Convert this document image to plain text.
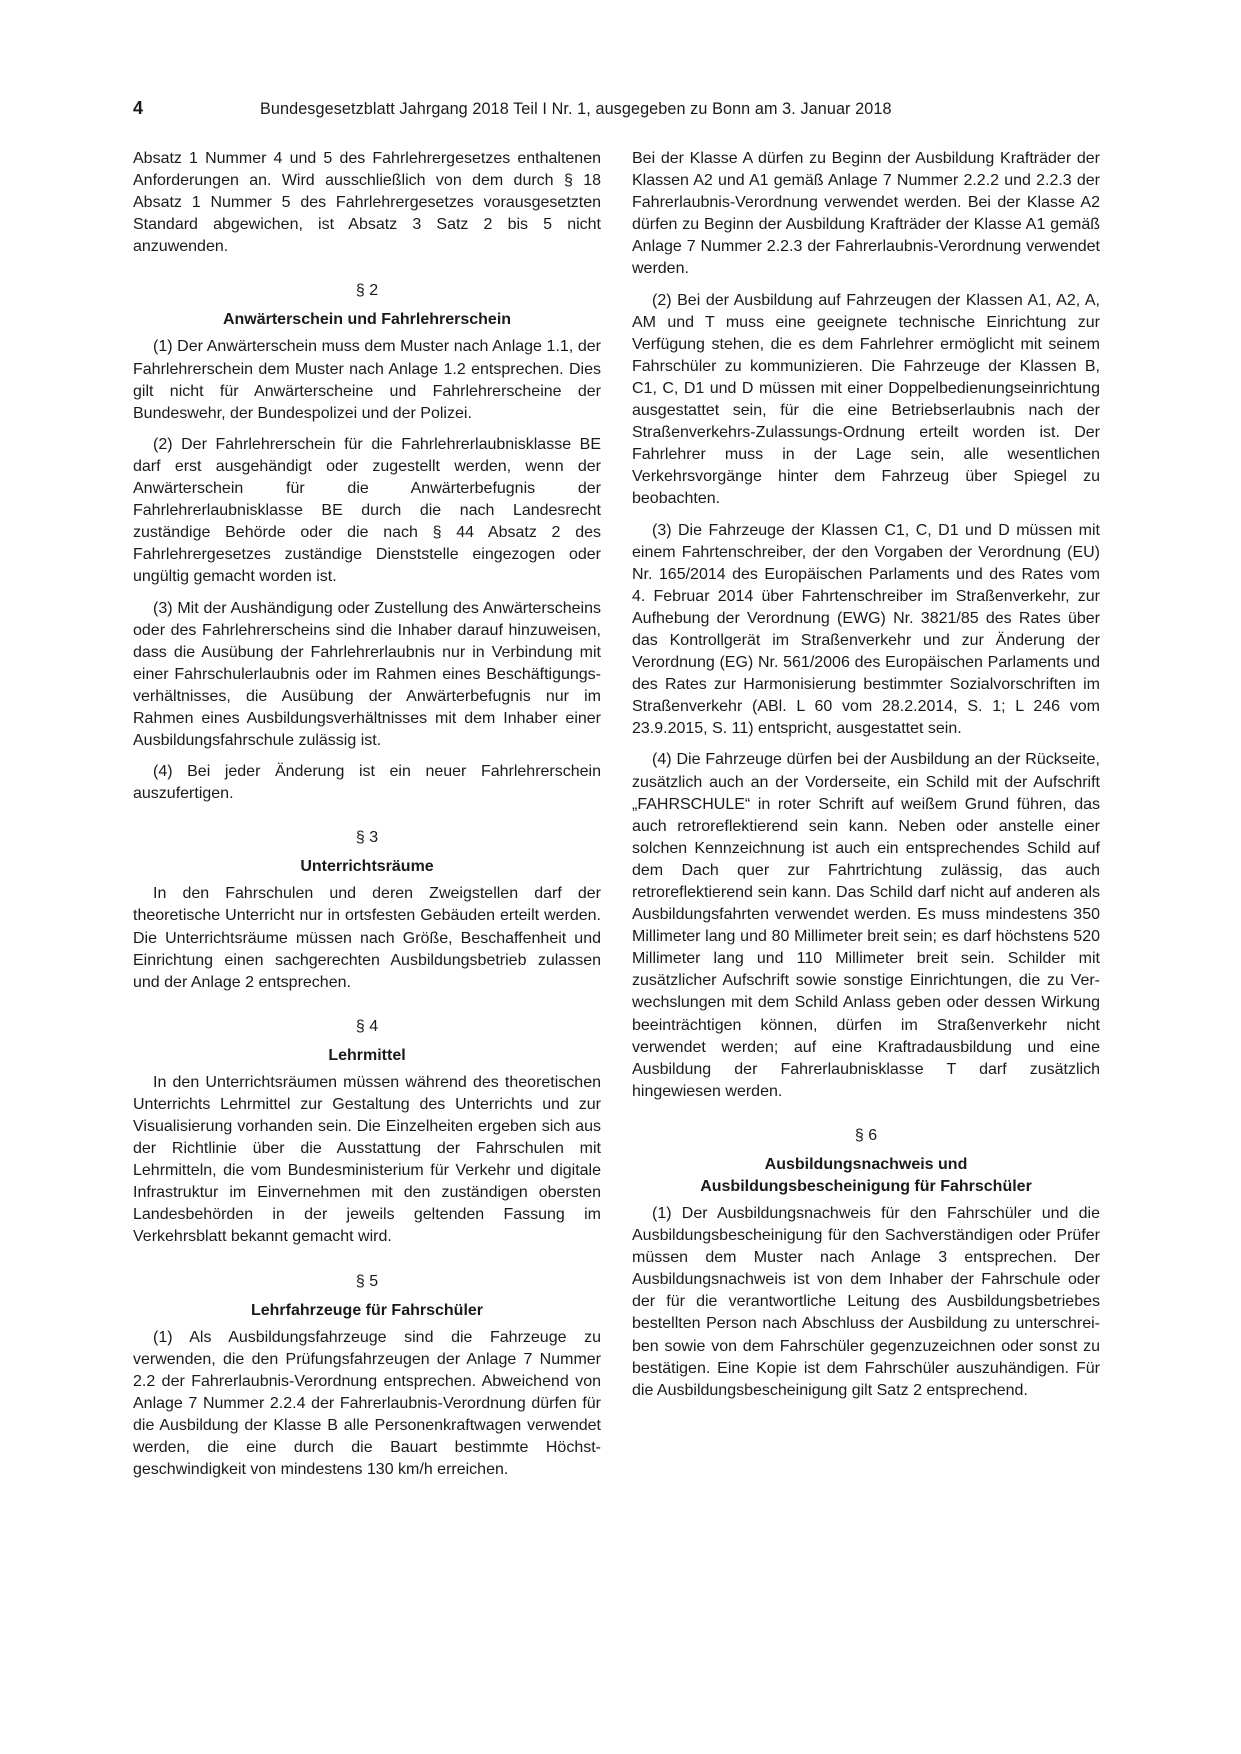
4	Bundesgesetzblatt Jahrgang 2018 Teil I Nr. 1, ausgegeben zu Bonn am 3. Januar 2018

Absatz 1 Nummer 4 und 5 des Fahrlehrergesetzes enthaltenen Anforderungen an. Wird ausschließlich von dem durch § 18 Absatz 1 Nummer 5 des Fahrlehrergesetzes vorausgesetzten Standard abgewichen, ist Absatz 3 Satz 2 bis 5 nicht anzuwenden.

§ 2
Anwärterschein und Fahrlehrerschein

(1) Der Anwärterschein muss dem Muster nach Anlage 1.1, der Fahrlehrerschein dem Muster nach Anlage 1.2 entsprechen. Dies gilt nicht für Anwärterscheine und Fahrlehrerscheine der Bundeswehr, der Bundespolizei und der Polizei.

(2) Der Fahrlehrerschein für die Fahrlehrerlaubnisklasse BE darf erst ausgehändigt oder zugestellt werden, wenn der Anwärterschein für die Anwärterbefugnis der Fahrlehrerlaubnisklasse BE durch die nach Landesrecht zuständige Behörde oder die nach § 44 Absatz 2 des Fahrlehrergesetzes zuständige Dienststelle eingezogen oder ungültig gemacht worden ist.

(3) Mit der Aushändigung oder Zustellung des Anwärterscheins oder des Fahrlehrerscheins sind die Inhaber darauf hinzuweisen, dass die Ausübung der Fahrlehrerlaubnis nur in Verbindung mit einer Fahrschulerlaubnis oder im Rahmen eines Beschäftigungsverhältnisses, die Ausübung der Anwärterbefugnis nur im Rahmen eines Ausbildungsverhältnisses mit dem Inhaber einer Ausbildungsfahrschule zulässig ist.

(4) Bei jeder Änderung ist ein neuer Fahrlehrerschein auszufertigen.

§ 3
Unterrichtsräume

In den Fahrschulen und deren Zweigstellen darf der theoretische Unterricht nur in ortsfesten Gebäuden erteilt werden. Die Unterrichtsräume müssen nach Größe, Beschaffenheit und Einrichtung einen sachgerechten Ausbildungsbetrieb zulassen und der Anlage 2 entsprechen.

§ 4
Lehrmittel

In den Unterrichtsräumen müssen während des theoretischen Unterrichts Lehrmittel zur Gestaltung des Unterrichts und zur Visualisierung vorhanden sein. Die Einzelheiten ergeben sich aus der Richtlinie über die Ausstattung der Fahrschulen mit Lehrmitteln, die vom Bundesministerium für Verkehr und digitale Infrastruktur im Einvernehmen mit den zuständigen obersten Landesbehörden in der jeweils geltenden Fassung im Verkehrsblatt bekannt gemacht wird.

§ 5
Lehrfahrzeuge für Fahrschüler

(1) Als Ausbildungsfahrzeuge sind die Fahrzeuge zu verwenden, die den Prüfungsfahrzeugen der Anlage 7 Nummer 2.2 der Fahrerlaubnis-Verordnung entsprechen. Abweichend von Anlage 7 Nummer 2.2.4 der Fahrerlaubnis-Verordnung dürfen für die Ausbildung der Klasse B alle Personenkraftwagen verwendet werden, die eine durch die Bauart bestimmte Höchstgeschwindigkeit von mindestens 130 km/h erreichen.

Bei der Klasse A dürfen zu Beginn der Ausbildung Krafträder der Klassen A2 und A1 gemäß Anlage 7 Nummer 2.2.2 und 2.2.3 der Fahrerlaubnis-Verordnung verwendet werden. Bei der Klasse A2 dürfen zu Beginn der Ausbildung Krafträder der Klasse A1 gemäß Anlage 7 Nummer 2.2.3 der Fahrerlaubnis-Verordnung verwendet werden.

(2) Bei der Ausbildung auf Fahrzeugen der Klassen A1, A2, A, AM und T muss eine geeignete technische Einrichtung zur Verfügung stehen, die es dem Fahrlehrer ermöglicht mit seinem Fahrschüler zu kommunizieren. Die Fahrzeuge der Klassen B, C1, C, D1 und D müssen mit einer Doppelbedienungseinrichtung ausgestattet sein, für die eine Betriebserlaubnis nach der Straßenverkehrs-Zulassungs-Ordnung erteilt worden ist. Der Fahrlehrer muss in der Lage sein, alle wesentlichen Verkehrsvorgänge hinter dem Fahrzeug über Spiegel zu beobachten.

(3) Die Fahrzeuge der Klassen C1, C, D1 und D müssen mit einem Fahrtenschreiber, der den Vorgaben der Verordnung (EU) Nr. 165/2014 des Europäischen Parlaments und des Rates vom 4. Februar 2014 über Fahrtenschreiber im Straßenverkehr, zur Aufhebung der Verordnung (EWG) Nr. 3821/85 des Rates über das Kontrollgerät im Straßenverkehr und zur Änderung der Verordnung (EG) Nr. 561/2006 des Europäischen Parlaments und des Rates zur Harmonisierung bestimmter Sozialvorschriften im Straßenverkehr (ABl. L 60 vom 28.2.2014, S. 1; L 246 vom 23.9.2015, S. 11) entspricht, ausgestattet sein.

(4) Die Fahrzeuge dürfen bei der Ausbildung an der Rückseite, zusätzlich auch an der Vorderseite, ein Schild mit der Aufschrift „FAHRSCHULE“ in roter Schrift auf weißem Grund führen, das auch retroreflektierend sein kann. Neben oder anstelle einer solchen Kennzeichnung ist auch ein entsprechendes Schild auf dem Dach quer zur Fahrtrichtung zulässig, das auch retroreflektierend sein kann. Das Schild darf nicht auf anderen als Ausbildungsfahrten verwendet werden. Es muss mindestens 350 Millimeter lang und 80 Millimeter breit sein; es darf höchstens 520 Millimeter lang und 110 Millimeter breit sein. Schilder mit zusätzlicher Aufschrift sowie sonstige Einrichtungen, die zu Verwechslungen mit dem Schild Anlass geben oder dessen Wirkung beeinträchtigen können, dürfen im Straßenverkehr nicht verwendet werden; auf eine Kraftradausbildung und eine Ausbildung der Fahrerlaubnisklasse T darf zusätzlich hingewiesen werden.

§ 6
Ausbildungsnachweis und
Ausbildungsbescheinigung für Fahrschüler

(1) Der Ausbildungsnachweis für den Fahrschüler und die Ausbildungsbescheinigung für den Sachverständigen oder Prüfer müssen dem Muster nach Anlage 3 entsprechen. Der Ausbildungsnachweis ist von dem Inhaber der Fahrschule oder der für die verantwortliche Leitung des Ausbildungsbetriebes bestellten Person nach Abschluss der Ausbildung zu unterschreiben sowie von dem Fahrschüler gegenzuzeichnen oder sonst zu bestätigen. Eine Kopie ist dem Fahrschüler auszuhändigen. Für die Ausbildungsbescheinigung gilt Satz 2 entsprechend.
